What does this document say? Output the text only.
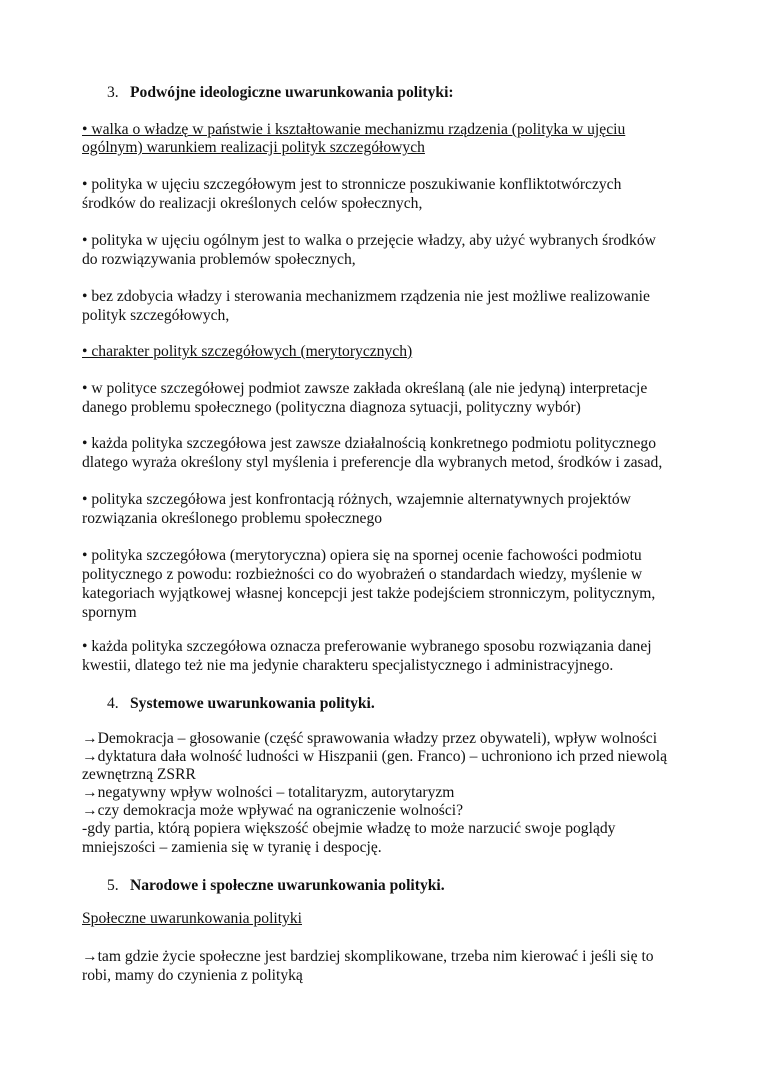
3. Podwójne ideologiczne uwarunkowania polityki:
• walka o władzę w państwie i kształtowanie mechanizmu rządzenia (polityka w ujęciu
ogólnym) warunkiem realizacji polityk szczegółowych
• polityka w ujęciu szczegółowym jest to stronnicze poszukiwanie konfliktotwórczych
środków do realizacji określonych celów społecznych,
• polityka w ujęciu ogólnym jest to walka o przejęcie władzy, aby użyć wybranych środków
do rozwiązywania problemów społecznych,
• bez zdobycia władzy i sterowania mechanizmem rządzenia nie jest możliwe realizowanie
polityk szczegółowych,
• charakter polityk szczegółowych (merytorycznych)
• w polityce szczegółowej podmiot zawsze zakłada określaną (ale nie jedyną) interpretacje
danego problemu społecznego (polityczna diagnoza sytuacji, polityczny wybór)
• każda polityka szczegółowa jest zawsze działalnością konkretnego podmiotu politycznego
dlatego wyraża określony styl myślenia i preferencje dla wybranych metod, środków i zasad,
• polityka szczegółowa jest konfrontacją różnych, wzajemnie alternatywnych projektów
rozwiązania określonego problemu społecznego
• polityka szczegółowa (merytoryczna) opiera się na spornej ocenie fachowości podmiotu
politycznego z powodu: rozbieżności co do wyobrażeń o standardach wiedzy, myślenie w
kategoriach wyjątkowej własnej koncepcji jest także podejściem stronniczym, politycznym,
spornym
• każda polityka szczegółowa oznacza preferowanie wybranego sposobu rozwiązania danej
kwestii, dlatego też nie ma jedynie charakteru specjalistycznego i administracyjnego.
4. Systemowe uwarunkowania polityki.
→Demokracja – głosowanie (część sprawowania władzy przez obywateli), wpływ wolności
→dyktatura dała wolność ludności w Hiszpanii (gen. Franco) – uchroniono ich przed niewolą
zewnętrzną ZSRR
→negatywny wpływ wolności – totalitaryzm, autorytaryzm
→czy demokracja może wpływać na ograniczenie wolności?
-gdy partia, którą popiera większość obejmie władzę to może narzucić swoje poglądy
mniejszości – zamienia się w tyranię i despocję.
5. Narodowe i społeczne uwarunkowania polityki.
Społeczne uwarunkowania polityki
→tam gdzie życie społeczne jest bardziej skomplikowane, trzeba nim kierować i jeśli się to
robi, mamy do czynienia z polityką
